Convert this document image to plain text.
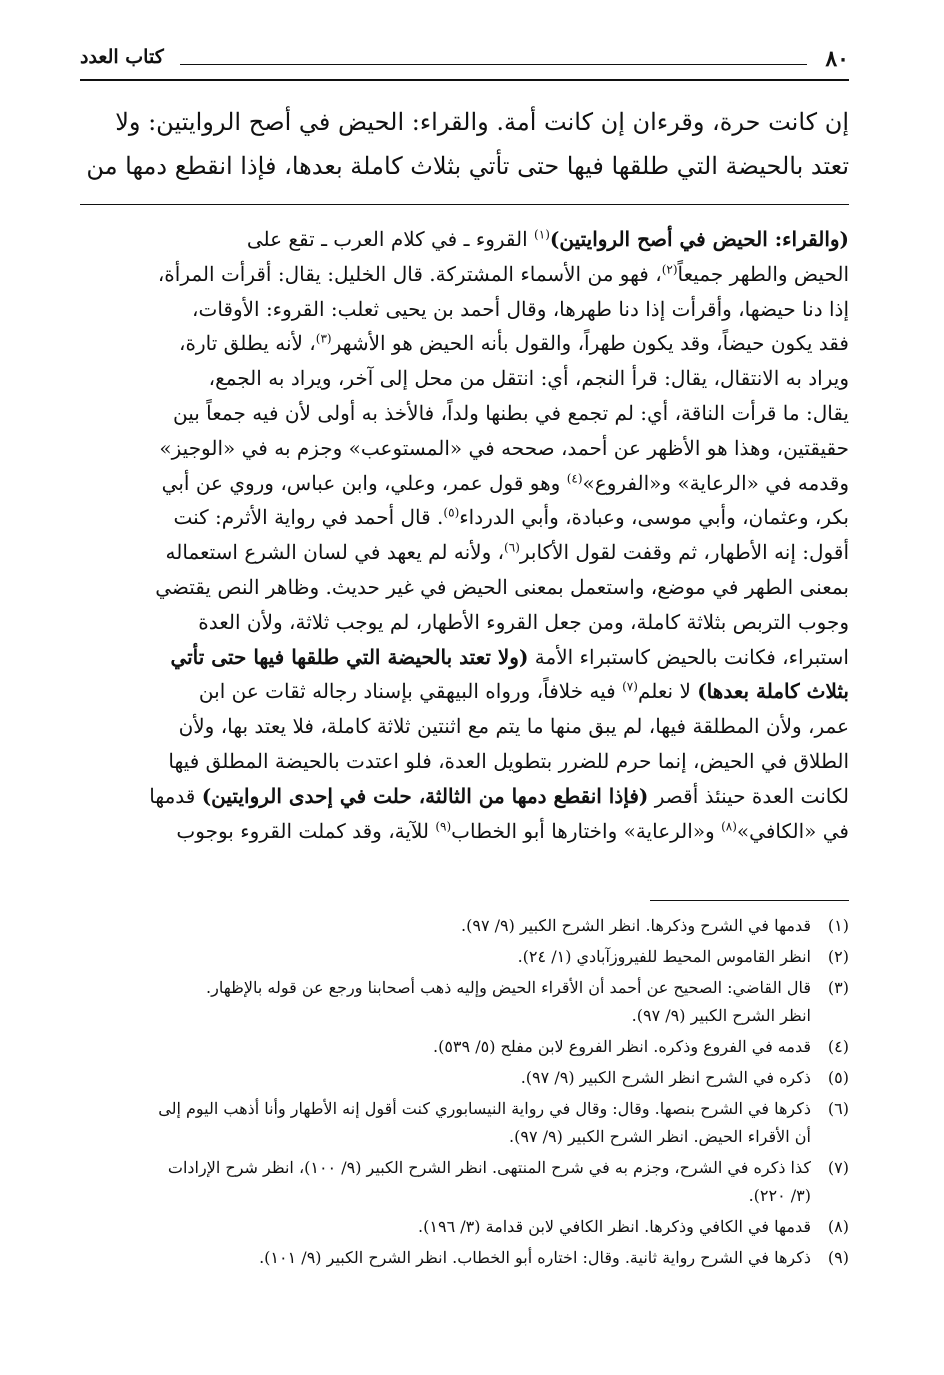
٨٠
كتاب العدد
إن كانت حرة، وقرءان إن كانت أمة. والقراء: الحيض في أصح الروايتين: ولا
تعتد بالحيضة التي طلقها فيها حتى تأتي بثلاث كاملة بعدها، فإذا انقطع دمها من
(والقراء: الحيض في أصح الروايتين)$^{(١)}$ القروء ـ في كلام العرب ـ تقع على
الحيض والطهر جميعاً$^{(٢)}$، فهو من الأسماء المشتركة. قال الخليل: يقال: أقرأت المرأة،
إذا دنا حيضها، وأقرأت إذا دنا طهرها، وقال أحمد بن يحيى ثعلب: القروء: الأوقات،
فقد يكون حيضاً، وقد يكون طهراً، والقول بأنه الحيض هو الأشهر$^{(٣)}$، لأنه يطلق تارة،
ويراد به الانتقال، يقال: قرأ النجم، أي: انتقل من محل إلى آخر، ويراد به الجمع،
يقال: ما قرأت الناقة، أي: لم تجمع في بطنها ولداً، فالأخذ به أولى لأن فيه جمعاً بين
حقيقتين، وهذا هو الأظهر عن أحمد، صححه في «المستوعب» وجزم به في «الوجيز»
وقدمه في «الرعاية» و«الفروع»$^{(٤)}$ وهو قول عمر، وعلي، وابن عباس، وروي عن أبي
بكر، وعثمان، وأبي موسى، وعبادة، وأبي الدرداء$^{(٥)}$. قال أحمد في رواية الأثرم: كنت
أقول: إنه الأطهار، ثم وقفت لقول الأكابر$^{(٦)}$، ولأنه لم يعهد في لسان الشرع استعماله
بمعنى الطهر في موضع، واستعمل بمعنى الحيض في غير حديث. وظاهر النص يقتضي
وجوب التربص بثلاثة كاملة، ومن جعل القروء الأطهار، لم يوجب ثلاثة، ولأن العدة
استبراء، فكانت بالحيض كاستبراء الأمة (ولا تعتد بالحيضة التي طلقها فيها حتى تأتي
بثلاث كاملة بعدها) لا نعلم$^{(٧)}$ فيه خلافاً، ورواه البيهقي بإسناد رجاله ثقات عن ابن
عمر، ولأن المطلقة فيها، لم يبق منها ما يتم مع اثنتين ثلاثة كاملة، فلا يعتد بها، ولأن
الطلاق في الحيض، إنما حرم للضرر بتطويل العدة، فلو اعتدت بالحيضة المطلق فيها
لكانت العدة حينئذ أقصر (فإذا انقطع دمها من الثالثة، حلت في إحدى الروايتين) قدمها
في «الكافي»$^{(٨)}$ و«الرعاية» واختارها أبو الخطاب$^{(٩)}$ للآية، وقد كملت القروء بوجوب
(١)
قدمها في الشرح وذكرها. انظر الشرح الكبير (٩/ ٩٧).
(٢)
انظر القاموس المحيط للفيروزآبادي (١/ ٢٤).
(٣)
قال القاضي: الصحيح عن أحمد أن الأقراء الحيض وإليه ذهب أصحابنا ورجع عن قوله بالإظهار.
انظر الشرح الكبير (٩/ ٩٧).
(٤)
قدمه في الفروع وذكره. انظر الفروع لابن مفلح (٥/ ٥٣٩).
(٥)
ذكره في الشرح انظر الشرح الكبير (٩/ ٩٧).
(٦)
ذكرها في الشرح بنصها. وقال: وقال في رواية النيسابوري كنت أقول إنه الأطهار وأنا أذهب اليوم إلى
أن الأقراء الحيض. انظر الشرح الكبير (٩/ ٩٧).
(٧)
كذا ذكره في الشرح، وجزم به في شرح المنتهى. انظر الشرح الكبير (٩/ ١٠٠)، انظر شرح الإرادات
(٣/ ٢٢٠).
(٨)
قدمها في الكافي وذكرها. انظر الكافي لابن قدامة (٣/ ١٩٦).
(٩)
ذكرها في الشرح رواية ثانية. وقال: اختاره أبو الخطاب. انظر الشرح الكبير (٩/ ١٠١).
